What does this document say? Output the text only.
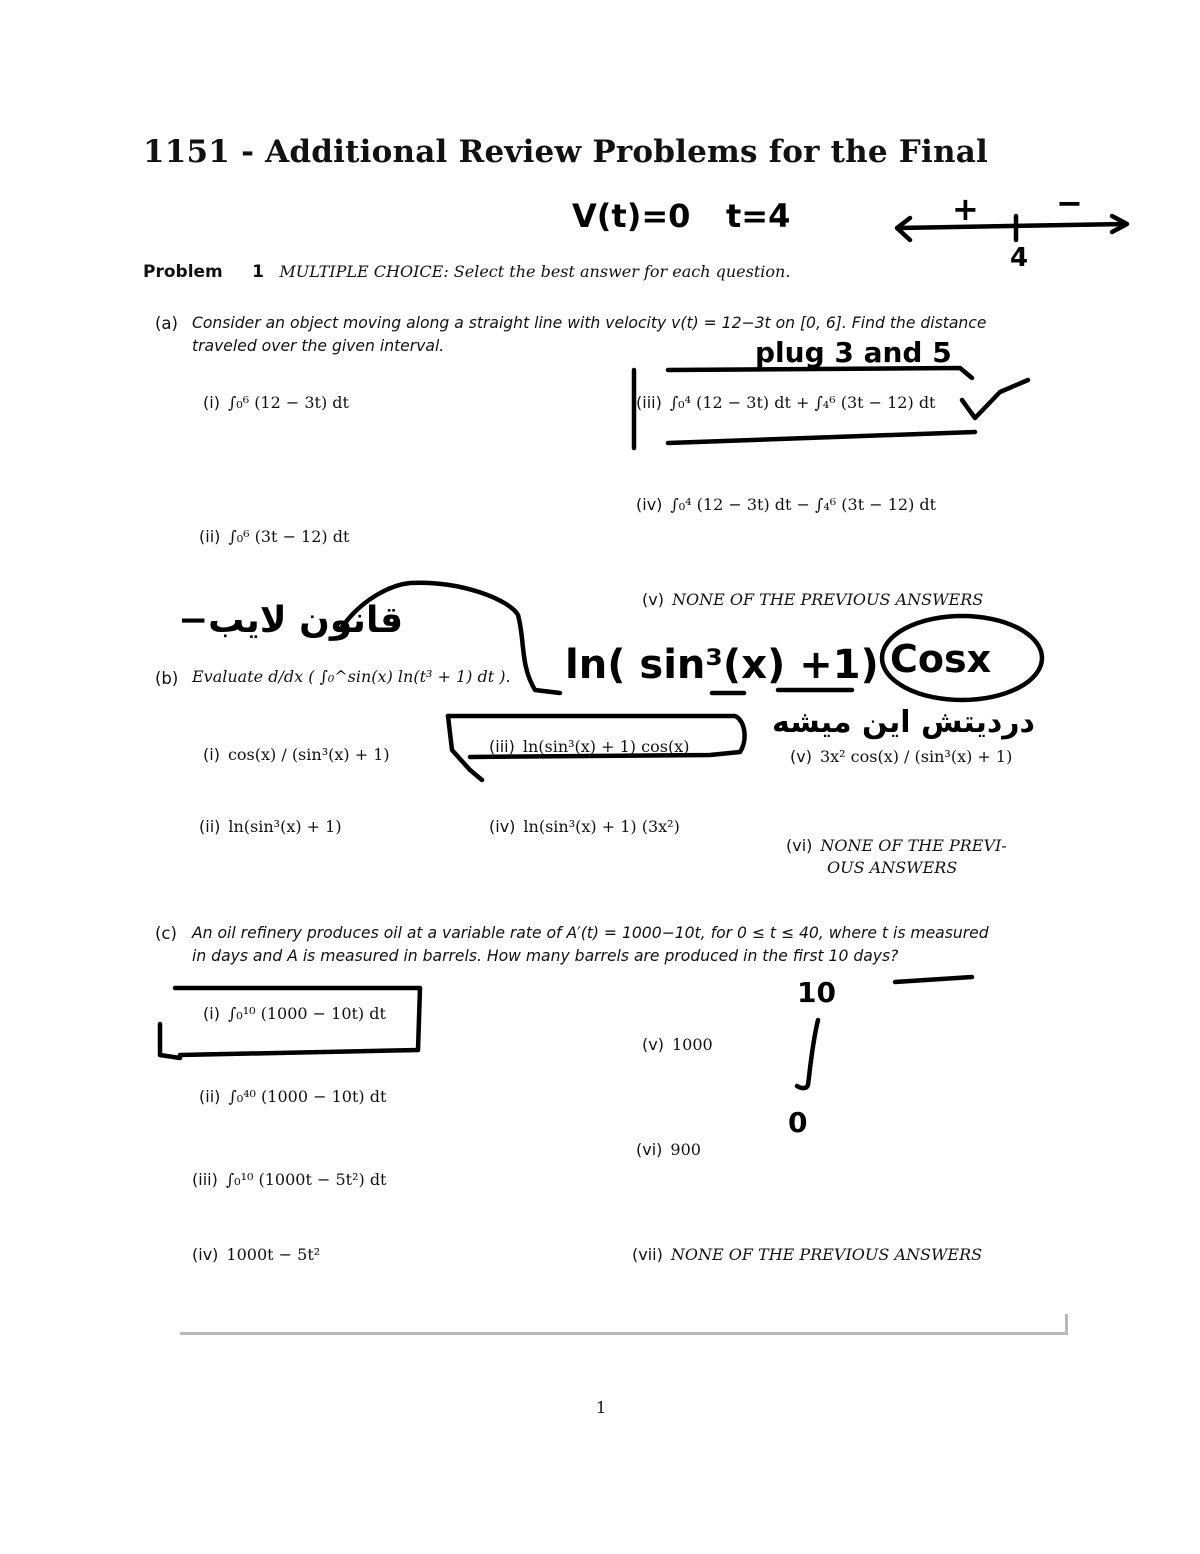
1151 - Additional Review Problems for the Final
Problem 1 MULTIPLE CHOICE: Select the best answer for each question.
(a) Consider an object moving along a straight line with velocity v(t) = 12−3t on [0, 6]. Find the distance
traveled over the given interval.
(i) ∫₀⁶ (12 − 3t) dt
(ii) ∫₀⁶ (3t − 12) dt
(iii) ∫₀⁴ (12 − 3t) dt + ∫₄⁶ (3t − 12) dt
(iv) ∫₀⁴ (12 − 3t) dt − ∫₄⁶ (3t − 12) dt
(v) NONE OF THE PREVIOUS ANSWERS
(b) Evaluate d/dx ( ∫₀^sin(x) ln(t³ + 1) dt ).
(i) cos(x) / (sin³(x) + 1)
(ii) ln(sin³(x) + 1)
(iii) ln(sin³(x) + 1) cos(x)
(iv) ln(sin³(x) + 1) (3x²)
(v) 3x² cos(x) / (sin³(x) + 1)
(vi) NONE OF THE PREVI-
OUS ANSWERS
(c) An oil refinery produces oil at a variable rate of A′(t) = 1000−10t, for 0 ≤ t ≤ 40, where t is measured
in days and A is measured in barrels. How many barrels are produced in the first 10 days?
(i) ∫₀¹⁰ (1000 − 10t) dt
(ii) ∫₀⁴⁰ (1000 − 10t) dt
(iii) ∫₀¹⁰ (1000t − 5t²) dt
(iv) 1000t − 5t²
(v) 1000
(vi) 900
(vii) NONE OF THE PREVIOUS ANSWERS
1
V(t)=0 t=4	+ −
4
plug 3 and 5
−قانون لایب
ln( sin³(x) +1) Cosx
دردیتش این میشه
10
0
